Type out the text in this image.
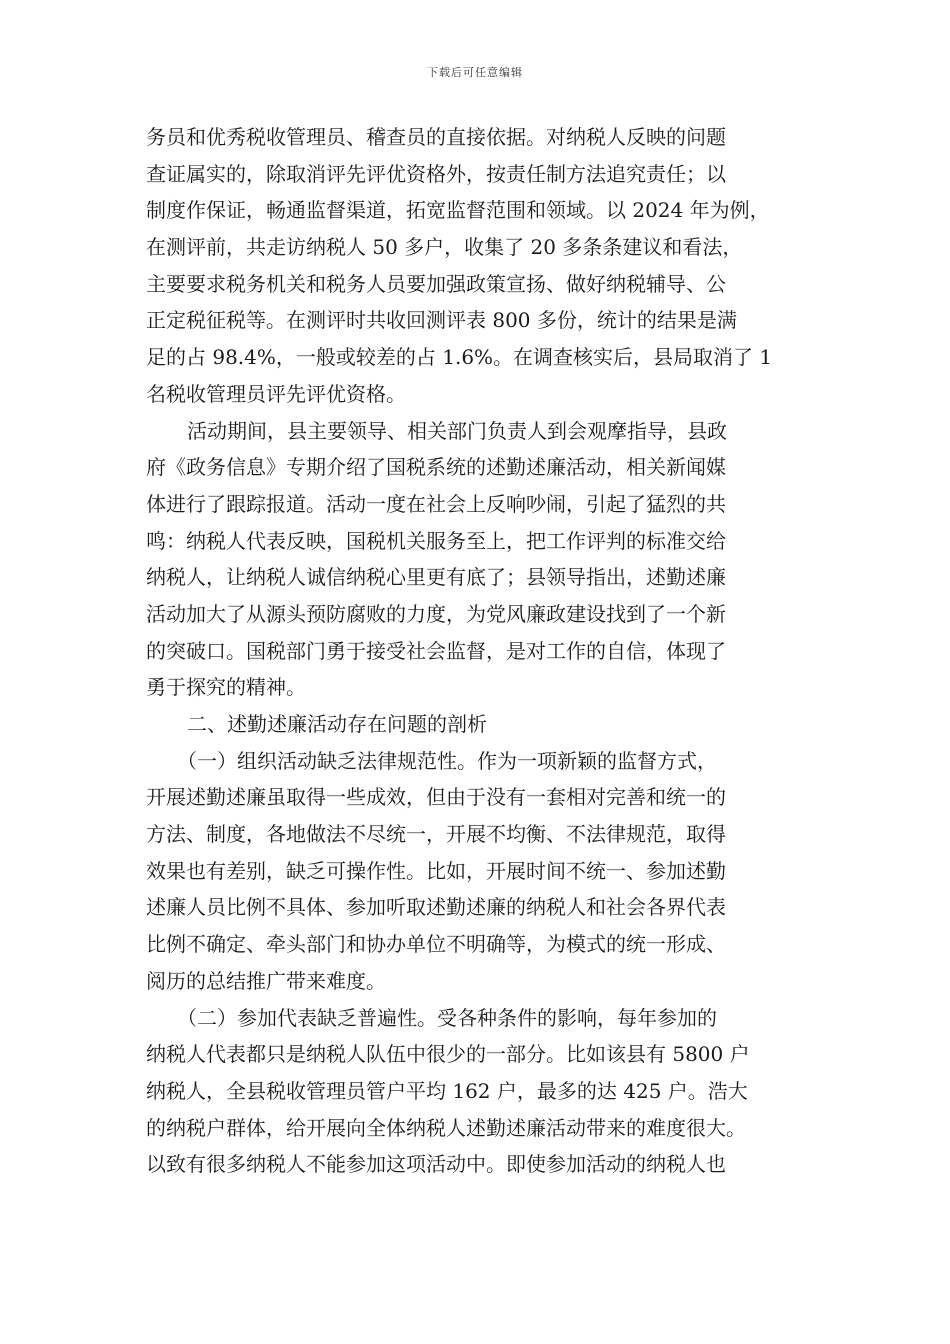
下载后可任意编辑
务员和优秀税收管理员、稽查员的直接依据。对纳税人反映的问题
查证属实的，除取消评先评优资格外，按责任制方法追究责任；以
制度作保证，畅通监督渠道，拓宽监督范围和领域。以 2024 年为例，
在测评前，共走访纳税人 50 多户，收集了 20 多条条建议和看法，
主要要求税务机关和税务人员要加强政策宣扬、做好纳税辅导、公
正定税征税等。在测评时共收回测评表 800 多份，统计的结果是满
足的占 98.4%，一般或较差的占 1.6%。在调查核实后，县局取消了 1
名税收管理员评先评优资格。
活动期间，县主要领导、相关部门负责人到会观摩指导，县政
府《政务信息》专期介绍了国税系统的述勤述廉活动，相关新闻媒
体进行了跟踪报道。活动一度在社会上反响吵闹，引起了猛烈的共
鸣：纳税人代表反映，国税机关服务至上，把工作评判的标准交给
纳税人，让纳税人诚信纳税心里更有底了；县领导指出，述勤述廉
活动加大了从源头预防腐败的力度，为党风廉政建设找到了一个新
的突破口。国税部门勇于接受社会监督，是对工作的自信，体现了
勇于探究的精神。
二、述勤述廉活动存在问题的剖析
（一）组织活动缺乏法律规范性。作为一项新颖的监督方式，
开展述勤述廉虽取得一些成效，但由于没有一套相对完善和统一的
方法、制度，各地做法不尽统一，开展不均衡、不法律规范，取得
效果也有差别，缺乏可操作性。比如，开展时间不统一、参加述勤
述廉人员比例不具体、参加听取述勤述廉的纳税人和社会各界代表
比例不确定、牵头部门和协办单位不明确等，为模式的统一形成、
阅历的总结推广带来难度。
（二）参加代表缺乏普遍性。受各种条件的影响，每年参加的
纳税人代表都只是纳税人队伍中很少的一部分。比如该县有 5800 户
纳税人，全县税收管理员管户平均 162 户，最多的达 425 户。浩大
的纳税户群体，给开展向全体纳税人述勤述廉活动带来的难度很大。
以致有很多纳税人不能参加这项活动中。即使参加活动的纳税人也
